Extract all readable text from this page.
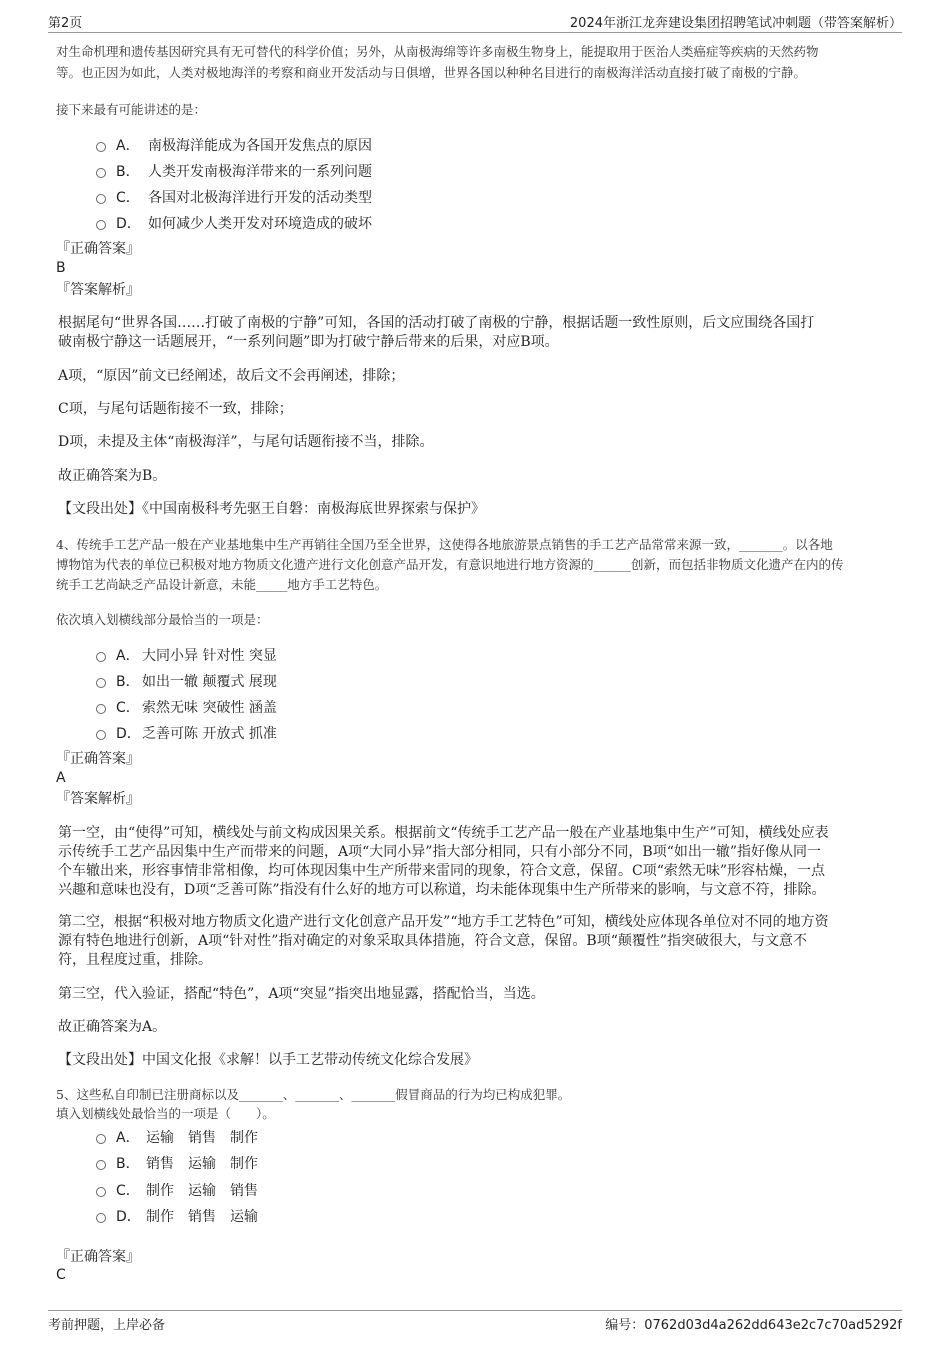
第2页	2024年浙江龙奔建设集团招聘笔试冲刺题（带答案解析）
对生命机理和遗传基因研究具有无可替代的科学价值；另外，从南极海绵等许多南极生物身上，能提取用于医治人类癌症等疾病的天然药物
等。也正因为如此，人类对极地海洋的考察和商业开发活动与日俱增，世界各国以种种名目进行的南极海洋活动直接打破了南极的宁静。
接下来最有可能讲述的是：
A． 南极海洋能成为各国开发焦点的原因
B． 人类开发南极海洋带来的一系列问题
C． 各国对北极海洋进行开发的活动类型
D． 如何减少人类开发对环境造成的破坏
『正确答案』
B
『答案解析』
根据尾句“世界各国……打破了南极的宁静”可知，各国的活动打破了南极的宁静，根据话题一致性原则，后文应围绕各国打
破南极宁静这一话题展开，“一系列问题”即为打破宁静后带来的后果，对应B项。
A项，“原因”前文已经阐述，故后文不会再阐述，排除；
C项，与尾句话题衔接不一致，排除；
D项，未提及主体“南极海洋”，与尾句话题衔接不当，排除。
故正确答案为B。
【文段出处】《中国南极科考先驱王自磐：南极海底世界探索与保护》
4、传统手工艺产品一般在产业基地集中生产再销往全国乃至全世界，这使得各地旅游景点销售的手工艺产品常常来源一致，_______。以各地
博物馆为代表的单位已积极对地方物质文化遗产进行文化创意产品开发，有意识地进行地方资源的______创新，而包括非物质文化遗产在内的传
统手工艺尚缺乏产品设计新意，未能_____地方手工艺特色。
依次填入划横线部分最恰当的一项是：
A． 大同小异 针对性 突显
B． 如出一辙 颠覆式 展现
C． 索然无味 突破性 涵盖
D． 乏善可陈 开放式 抓准
『正确答案』
A
『答案解析』
第一空，由“使得”可知，横线处与前文构成因果关系。根据前文“传统手工艺产品一般在产业基地集中生产”可知，横线处应表
示传统手工艺产品因集中生产而带来的问题，A项“大同小异”指大部分相同，只有小部分不同，B项“如出一辙”指好像从同一
个车辙出来，形容事情非常相像，均可体现因集中生产所带来雷同的现象，符合文意，保留。C项“索然无味”形容枯燥，一点
兴趣和意味也没有，D项“乏善可陈”指没有什么好的地方可以称道，均未能体现集中生产所带来的影响，与文意不符，排除。
第二空，根据“积极对地方物质文化遗产进行文化创意产品开发”“地方手工艺特色”可知，横线处应体现各单位对不同的地方资
源有特色地进行创新，A项“针对性”指对确定的对象采取具体措施，符合文意，保留。B项“颠覆性”指突破很大，与文意不
符，且程度过重，排除。
第三空，代入验证，搭配“特色”，A项“突显”指突出地显露，搭配恰当，当选。
故正确答案为A。
【文段出处】中国文化报《求解！以手工艺带动传统文化综合发展》
5、这些私自印制已注册商标以及_______、_______、_______假冒商品的行为均已构成犯罪。
填入划横线处最恰当的一项是（　　）。
A． 运输 销售 制作
B． 销售 运输 制作
C． 制作 运输 销售
D． 制作 销售 运输
『正确答案』
C
考前押题，上岸必备	编号：0762d03d4a262dd643e2c7c70ad5292f
